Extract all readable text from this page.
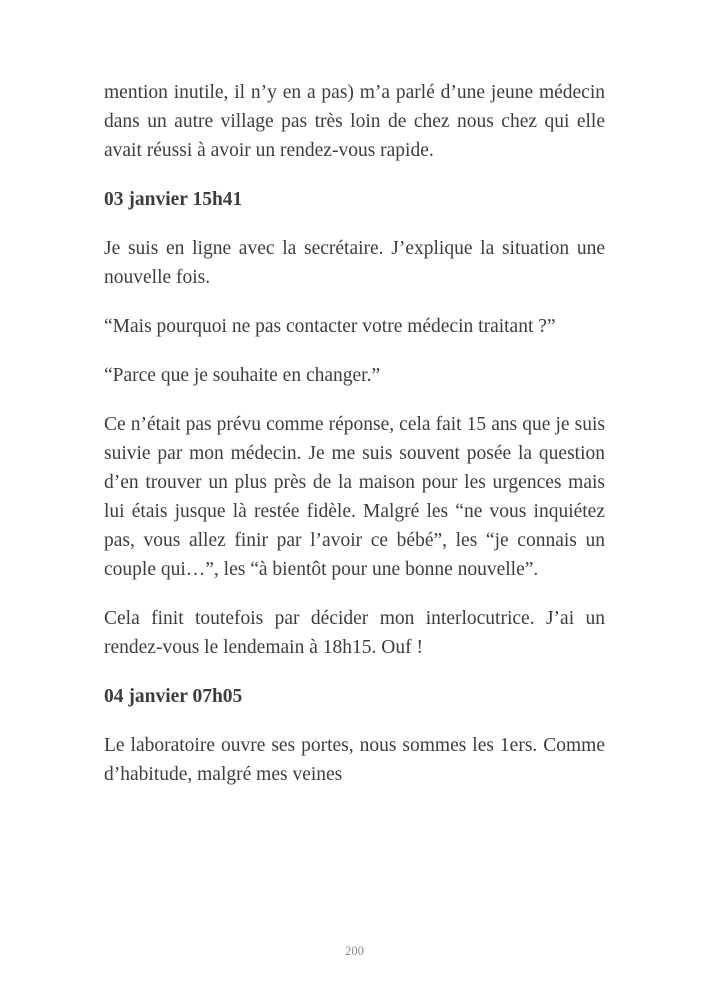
mention inutile, il n’y en a pas) m’a parlé d’une jeune médecin dans un autre village pas très loin de chez nous chez qui elle avait réussi à avoir un rendez-vous rapide.

03 janvier 15h41

Je suis en ligne avec la secrétaire. J’explique la situation une nouvelle fois.

“Mais pourquoi ne pas contacter votre médecin traitant ?”

“Parce que je souhaite en changer.”

Ce n’était pas prévu comme réponse, cela fait 15 ans que je suis suivie par mon médecin. Je me suis souvent posée la question d’en trouver un plus près de la maison pour les urgences mais lui étais jusque là restée fidèle. Malgré les “ne vous inquiétez pas, vous allez finir par l’avoir ce bébé”, les “je connais un couple qui…”, les “à bientôt pour une bonne nouvelle”.

Cela finit toutefois par décider mon interlocutrice. J’ai un rendez-vous le lendemain à 18h15. Ouf !

04 janvier 07h05

Le laboratoire ouvre ses portes, nous sommes les 1ers. Comme d’habitude, malgré mes veines

200
